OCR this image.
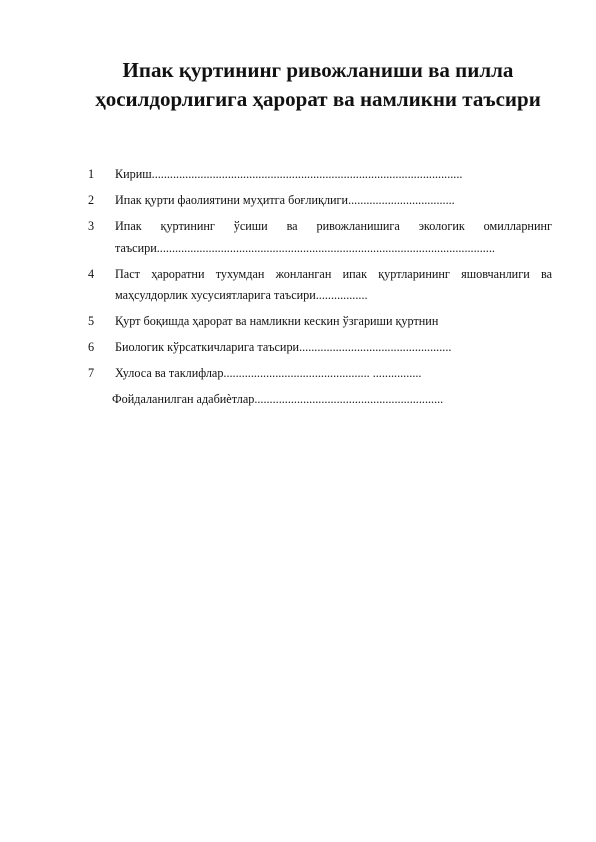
Ипак қуртининг ривожланиши ва пилла
ҳосилдорлигига ҳарорат ва намликни таъсири
1 Кириш......................................................................................................
2 Ипак қурти фаолиятини муҳитга боғлиқлиги...................................
3 Ипак қуртининг ўсиши ва ривожланишига экологик омилларнинг таъсири...............................................................................................................
4 Паст ҳароратни тухумдан жонланган ипак қуртларининг яшовчанлиги ва маҳсулдорлик хусусиятларига таъсири.................
5 Қурт боқишда ҳарорат ва намликни кескин ўзгариши қуртнин
6 Биологик кўрсаткичларига таъсири..................................................
7 Хулоса ва таклифлар................................................ ................
Фойдаланилган адабиѐтлар..............................................................
